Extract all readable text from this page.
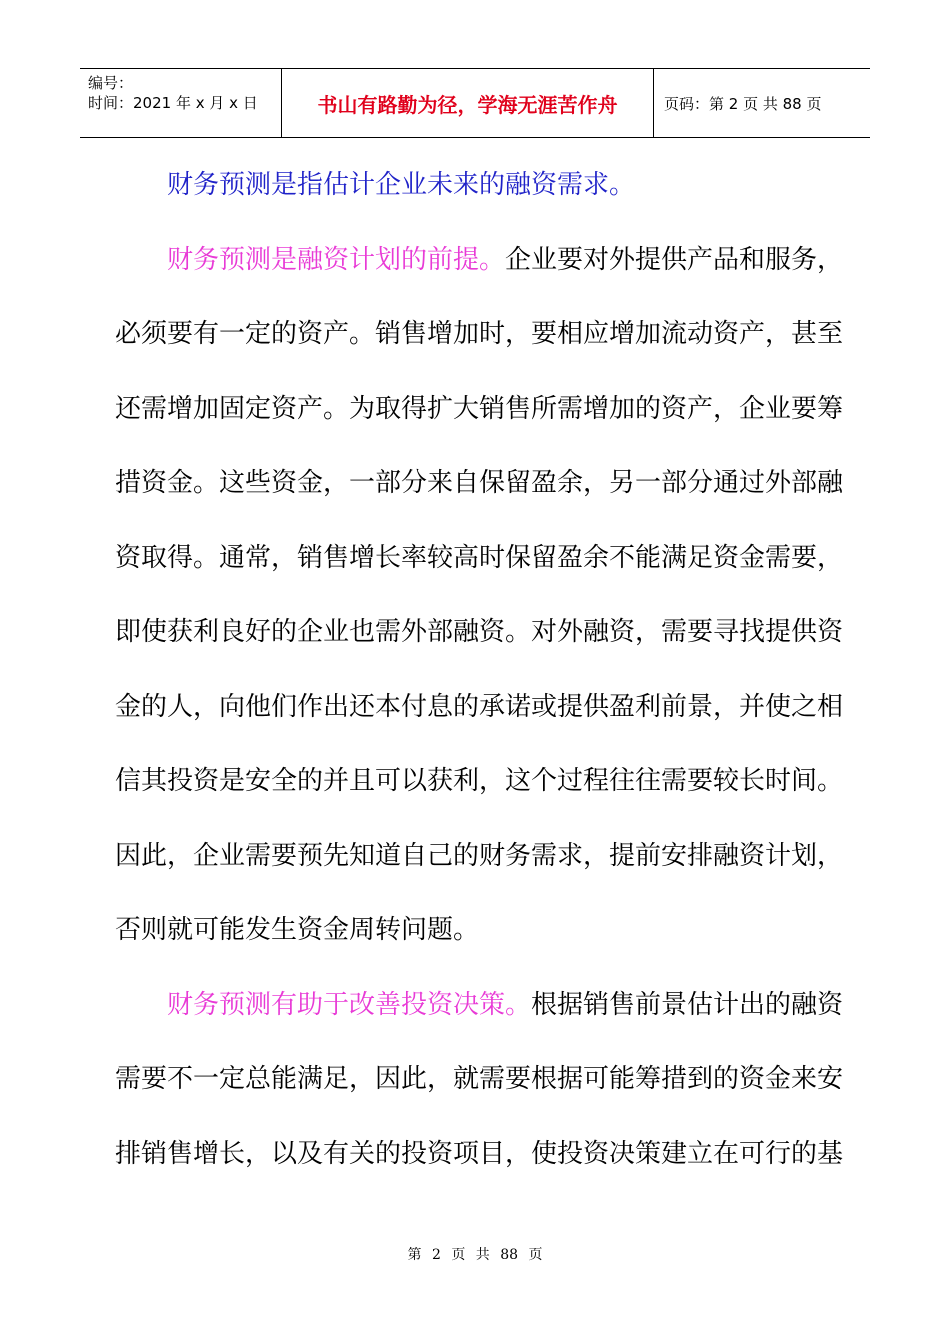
编号：
时间：2021 年 x 月 x 日	书山有路勤为径，学海无涯苦作舟	页码：第 2 页 共 88 页
财务预测是指估计企业未来的融资需求。
财务预测是融资计划的前提。企业要对外提供产品和服务，
必须要有一定的资产。销售增加时，要相应增加流动资产，甚至
还需增加固定资产。为取得扩大销售所需增加的资产，企业要筹
措资金。这些资金，一部分来自保留盈余，另一部分通过外部融
资取得。通常，销售增长率较高时保留盈余不能满足资金需要，
即使获利良好的企业也需外部融资。对外融资，需要寻找提供资
金的人，向他们作出还本付息的承诺或提供盈利前景，并使之相
信其投资是安全的并且可以获利，这个过程往往需要较长时间。
因此，企业需要预先知道自己的财务需求，提前安排融资计划，
否则就可能发生资金周转问题。
财务预测有助于改善投资决策。根据销售前景估计出的融资
需要不一定总能满足，因此，就需要根据可能筹措到的资金来安
排销售增长，以及有关的投资项目，使投资决策建立在可行的基
第 2 页 共 88 页
